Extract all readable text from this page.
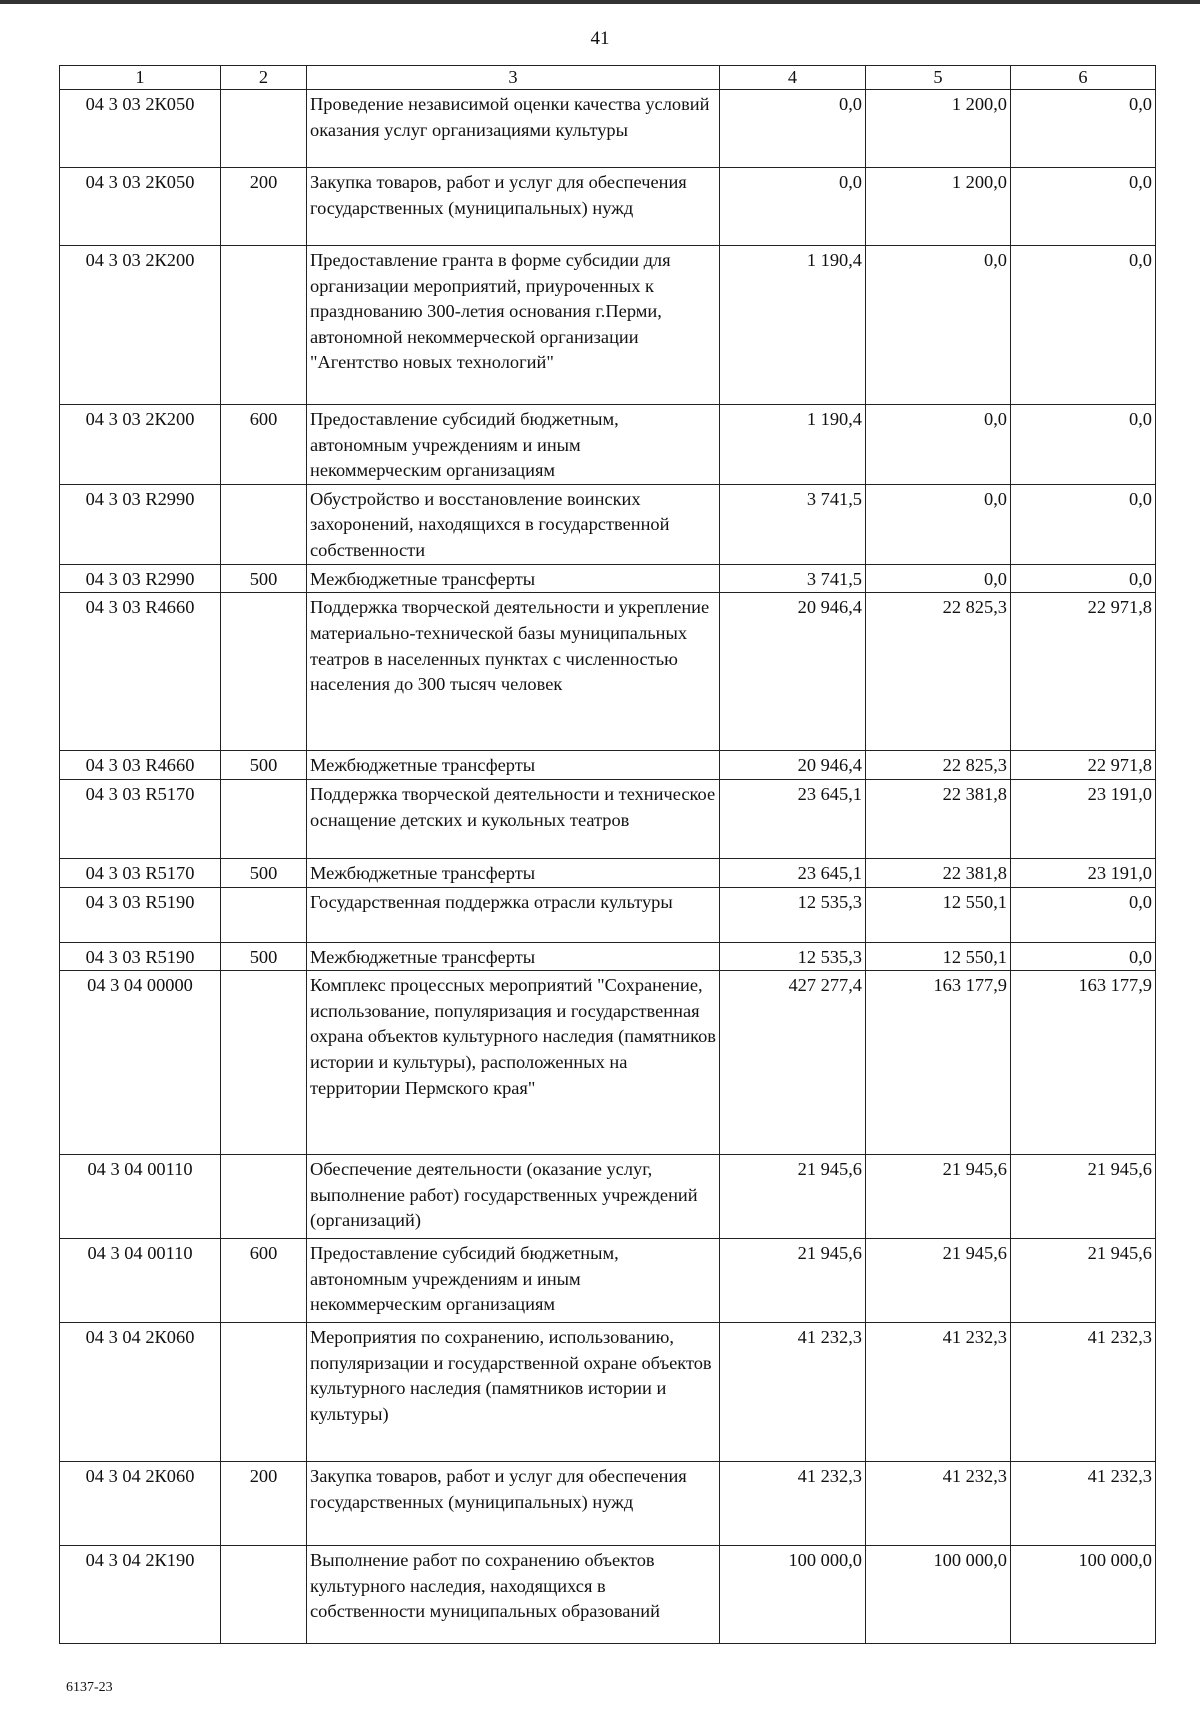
41
1	2	3	4	5	6
04 3 03 2К050		Проведение независимой оценки качества условий оказания услуг организациями культуры	0,0	1 200,0	0,0
04 3 03 2К050	200	Закупка товаров, работ и услуг для обеспечения государственных (муниципальных) нужд	0,0	1 200,0	0,0
04 3 03 2К200		Предоставление гранта в форме субсидии для организации мероприятий, приуроченных к празднованию 300-летия основания г.Перми, автономной некоммерческой организации "Агентство новых технологий"	1 190,4	0,0	0,0
04 3 03 2К200	600	Предоставление субсидий бюджетным, автономным учреждениям и иным некоммерческим организациям	1 190,4	0,0	0,0
04 3 03 R2990		Обустройство и восстановление воинских захоронений, находящихся в государственной собственности	3 741,5	0,0	0,0
04 3 03 R2990	500	Межбюджетные трансферты	3 741,5	0,0	0,0
04 3 03 R4660		Поддержка творческой деятельности и укрепление материально-технической базы муниципальных театров в населенных пунктах с численностью населения до 300 тысяч человек	20 946,4	22 825,3	22 971,8
04 3 03 R4660	500	Межбюджетные трансферты	20 946,4	22 825,3	22 971,8
04 3 03 R5170		Поддержка творческой деятельности и техническое оснащение детских и кукольных театров	23 645,1	22 381,8	23 191,0
04 3 03 R5170	500	Межбюджетные трансферты	23 645,1	22 381,8	23 191,0
04 3 03 R5190		Государственная поддержка отрасли культуры	12 535,3	12 550,1	0,0
04 3 03 R5190	500	Межбюджетные трансферты	12 535,3	12 550,1	0,0
04 3 04 00000		Комплекс процессных мероприятий "Сохранение, использование, популяризация и государственная охрана объектов культурного наследия (памятников истории и культуры), расположенных на территории Пермского края"	427 277,4	163 177,9	163 177,9
04 3 04 00110		Обеспечение деятельности (оказание услуг, выполнение работ) государственных учреждений (организаций)	21 945,6	21 945,6	21 945,6
04 3 04 00110	600	Предоставление субсидий бюджетным, автономным учреждениям и иным некоммерческим организациям	21 945,6	21 945,6	21 945,6
04 3 04 2К060		Мероприятия по сохранению, использованию, популяризации и государственной охране объектов культурного наследия (памятников истории и культуры)	41 232,3	41 232,3	41 232,3
04 3 04 2К060	200	Закупка товаров, работ и услуг для обеспечения государственных (муниципальных) нужд	41 232,3	41 232,3	41 232,3
04 3 04 2К190		Выполнение работ по сохранению объектов культурного наследия, находящихся в собственности муниципальных образований	100 000,0	100 000,0	100 000,0
6137-23
